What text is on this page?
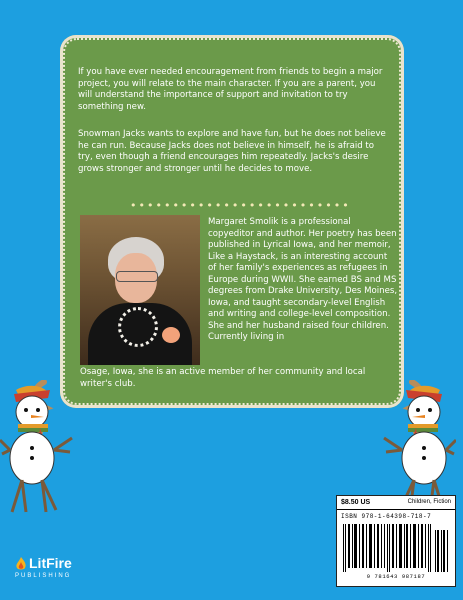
If you have ever needed encouragement from friends to begin a major project, you will relate to the main character. If you are a parent, you will understand the importance of support and invitation to try something new.
Snowman Jacks wants to explore and have fun, but he does not believe he can run. Because Jacks does not believe in himself, he is afraid to try, even though a friend encourages him repeatedly. Jacks's desire grows stronger and stronger until he decides to move.
••••••••••••••••••••••••••
Margaret Smolik is a professional copyeditor and author. Her poetry has been published in Lyrical Iowa, and her memoir, Like a Haystack, is an interesting account of her family's experiences as refugees in Europe during WWII. She earned BS and MS degrees from Drake University, Des Moines, Iowa, and taught secondary-level English and writing and college-level composition. She and her husband raised four children. Currently living in
Osage, Iowa, she is an active member of her community and local writer's club.
LitFire
PUBLISHING
$8.50 US	Children, Fiction
ISBN 978-1-64398-718-7
9 781643 987187
